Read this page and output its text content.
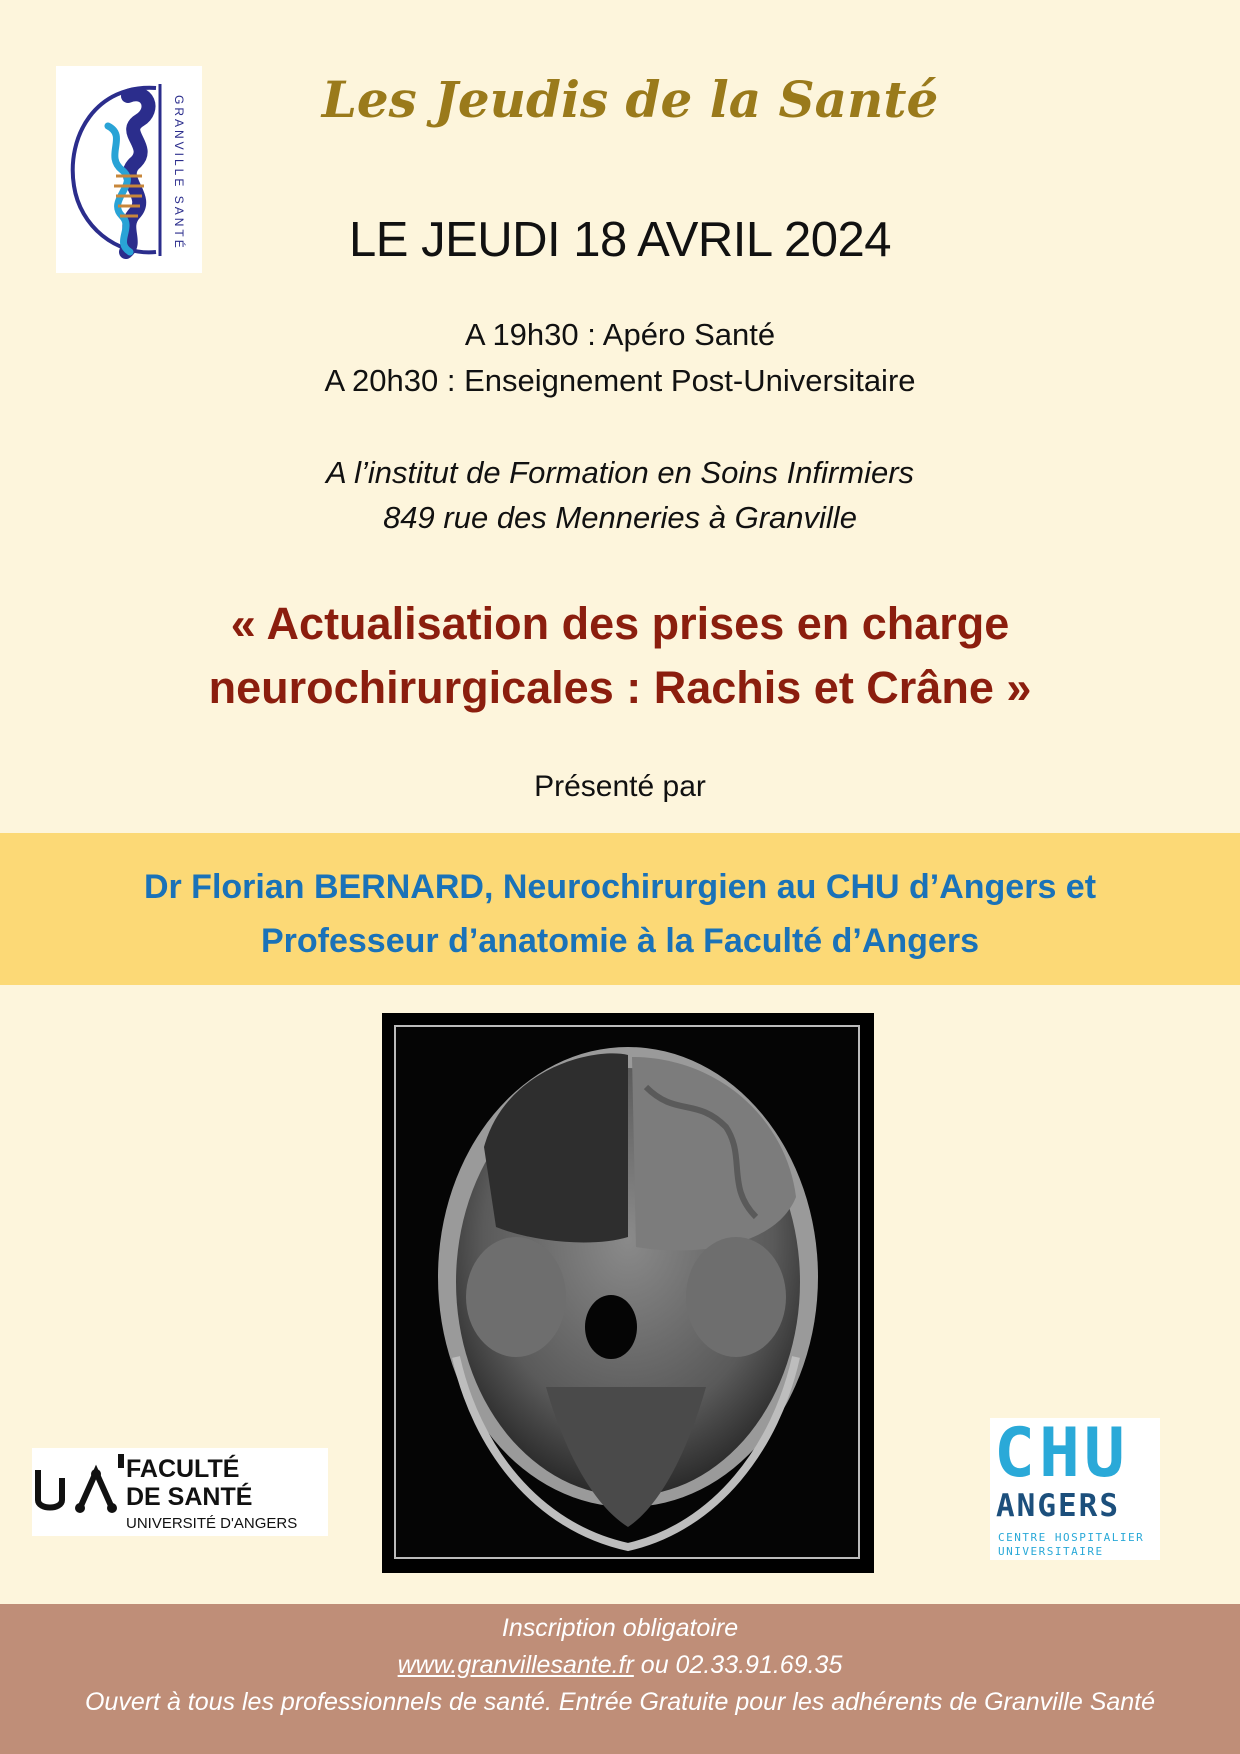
GRANVILLE SANTÉ	Les Jeudis de la Santé
LE JEUDI 18 AVRIL 2024
A 19h30 : Apéro Santé
A 20h30 : Enseignement Post-Universitaire
A l’institut de Formation en Soins Infirmiers
849 rue des Menneries à Granville
« Actualisation des prises en charge
neurochirurgicales : Rachis et Crâne »
Présenté par
Dr Florian BERNARD, Neurochirurgien au CHU d’Angers et
Professeur d’anatomie à la Faculté d’Angers
FACULTÉ
DE SANTÉ
UNIVERSITÉ D'ANGERS
CHU
ANGERS
CENTRE HOSPITALIER
UNIVERSITAIRE
Inscription obligatoire
www.granvillesante.fr ou 02.33.91.69.35
Ouvert à tous les professionnels de santé. Entrée Gratuite pour les adhérents de Granville Santé
